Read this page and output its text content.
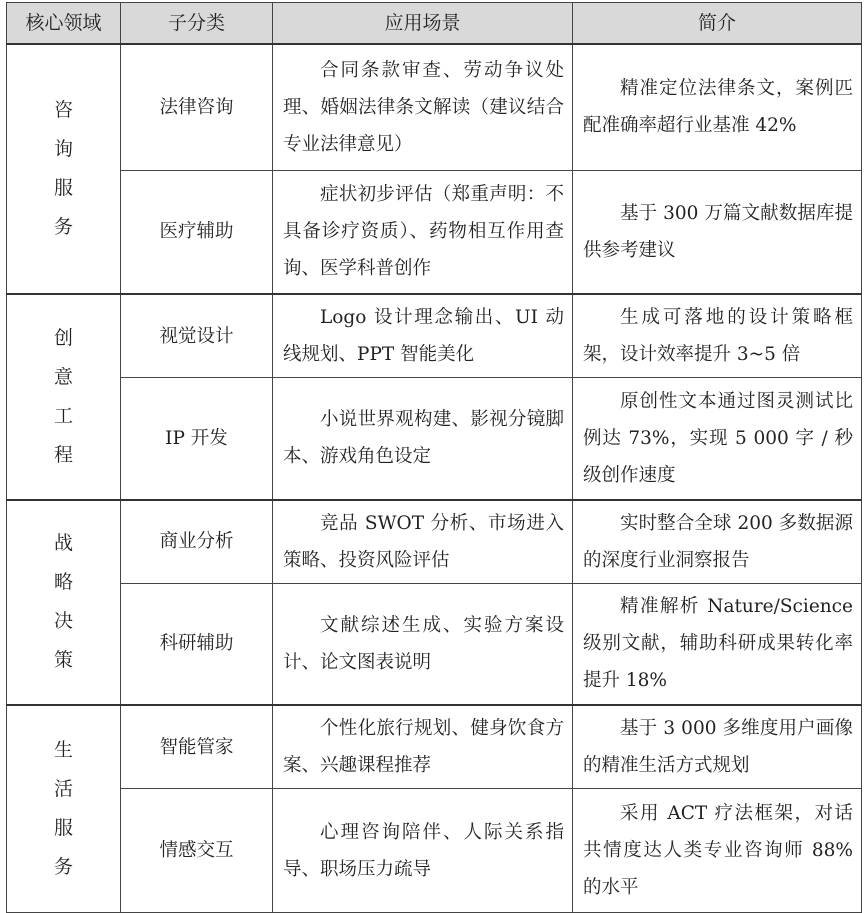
核心领域	子分类	应用场景	简介

咨
询
服
务	法律咨询	合同条款审查、劳动争议处理、婚姻法律条文解读（建议结合专业法律意见）	精准定位法律条文，案例匹配准确率超行业基准 42%
	医疗辅助	症状初步评估（郑重声明：不具备诊疗资质）、药物相互作用查询、医学科普创作	基于 300 万篇文献数据库提供参考建议

创
意
工
程	视觉设计	Logo 设计理念输出、UI 动线规划、PPT 智能美化	生成可落地的设计策略框架，设计效率提升 3~5 倍
	IP 开发	小说世界观构建、影视分镜脚本、游戏角色设定	原创性文本通过图灵测试比例达 73%，实现 5 000 字 / 秒级创作速度

战
略
决
策	商业分析	竞品 SWOT 分析、市场进入策略、投资风险评估	实时整合全球 200 多数据源的深度行业洞察报告
	科研辅助	文献综述生成、实验方案设计、论文图表说明	精准解析 Nature/Science 级别文献，辅助科研成果转化率提升 18%

生
活
服
务	智能管家	个性化旅行规划、健身饮食方案、兴趣课程推荐	基于 3 000 多维度用户画像的精准生活方式规划
	情感交互	心理咨询陪伴、人际关系指导、职场压力疏导	采用 ACT 疗法框架，对话共情度达人类专业咨询师 88% 的水平
